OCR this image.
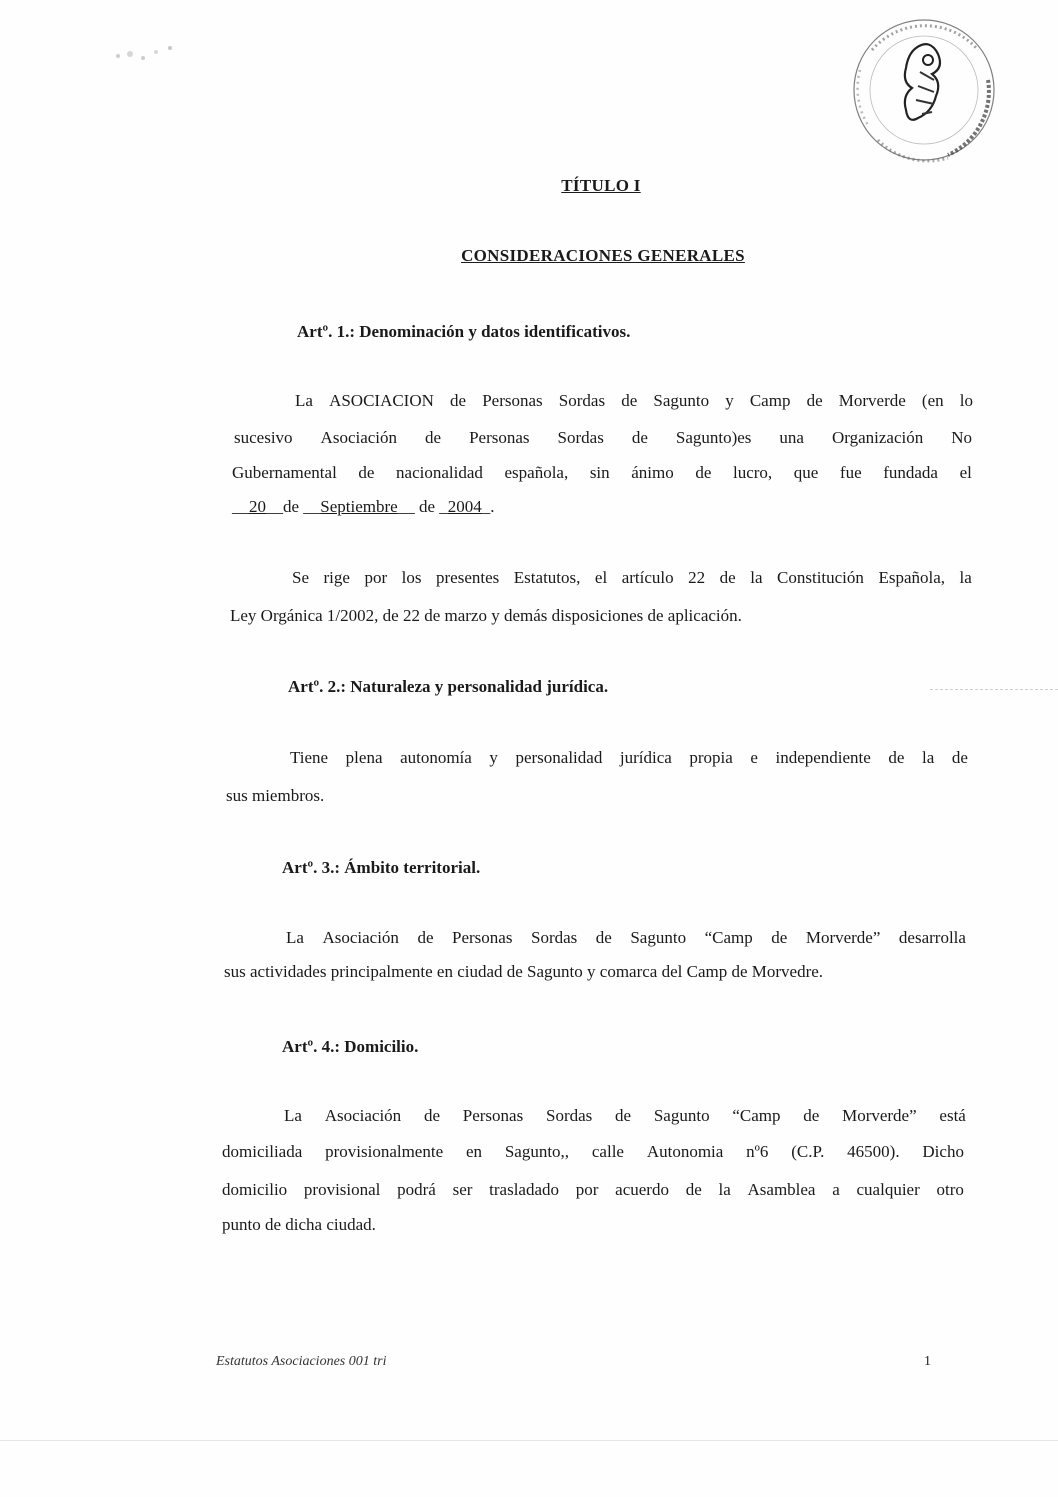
TÍTULO I
CONSIDERACIONES GENERALES
Artº. 1.: Denominación y datos identificativos.
La ASOCIACION de Personas Sordas de Sagunto y Camp de Morverde (en lo
sucesivo Asociación de Personas Sordas de Sagunto)es una Organización No
Gubernamental de nacionalidad española, sin ánimo de lucro, que fue fundada el
__20__de __Septiembre__ de _2004_.
Se rige por los presentes Estatutos, el artículo 22 de la Constitución Española, la
Ley Orgánica 1/2002, de 22 de marzo y demás disposiciones de aplicación.
Artº. 2.: Naturaleza y personalidad jurídica.
Tiene plena autonomía y personalidad jurídica propia e independiente de la de
sus miembros.
Artº. 3.: Ámbito territorial.
La Asociación de Personas Sordas de Sagunto “Camp de Morverde” desarrolla
sus actividades principalmente en ciudad de Sagunto y comarca del Camp de Morvedre.
Artº. 4.: Domicilio.
La Asociación de Personas Sordas de Sagunto “Camp de Morverde” está
domiciliada provisionalmente en Sagunto,, calle Autonomia nº6 (C.P. 46500). Dicho
domicilio provisional podrá ser trasladado por acuerdo de la Asamblea a cualquier otro
punto de dicha ciudad.
Estatutos Asociaciones 001 tri	1
